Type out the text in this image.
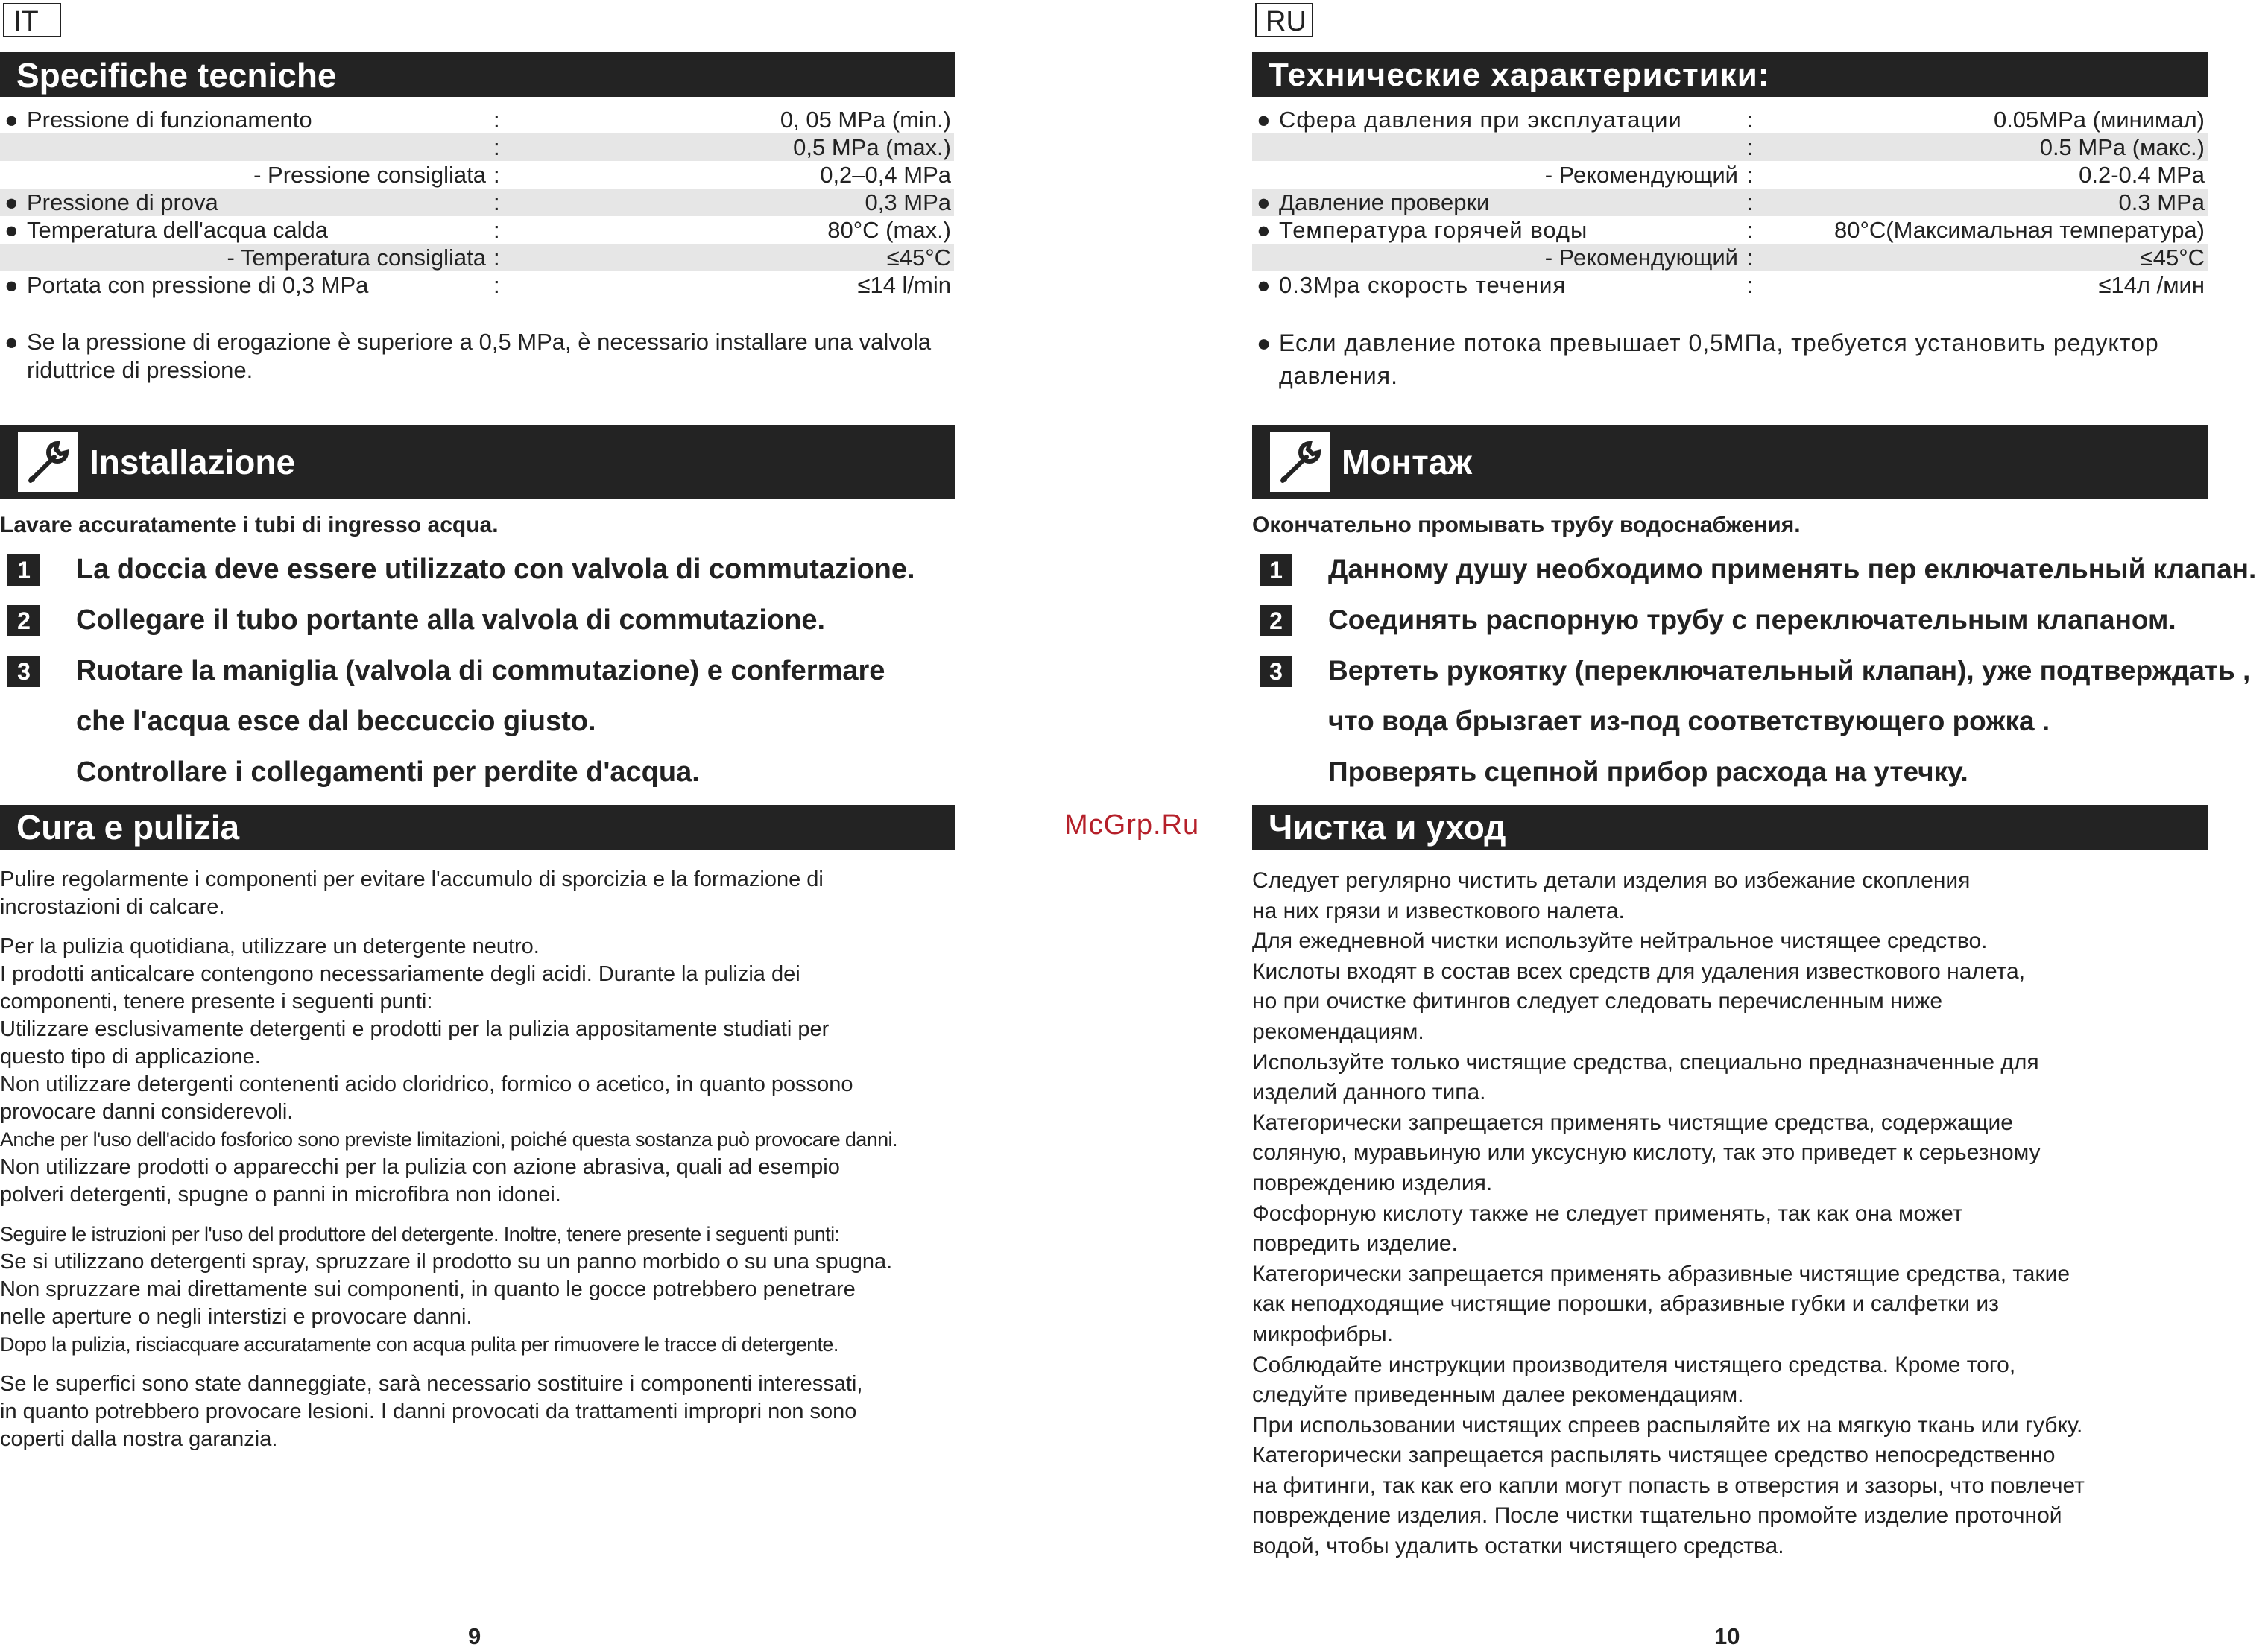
IT
Specifiche tecniche
● Pressione di funzionamento	:	0, 05 MPa (min.)
:	0,5 MPa (max.)
- Pressione consigliata :	0,2–0,4 MPa
● Pressione di prova	:	0,3 MPa
● Temperatura dell'acqua calda	:	80°C (max.)
- Temperatura consigliata :	≤45°C
● Portata con pressione di 0,3 MPa	:	≤14 l/min
● Se la pressione di erogazione è superiore a 0,5 MPa, è necessario installare una valvola riduttrice di pressione.
Installazione
Lavare accuratamente i tubi di ingresso acqua.
1	La doccia deve essere utilizzato con valvola di commutazione.
2	Collegare il tubo portante alla valvola di commutazione.
3	Ruotare la maniglia (valvola di commutazione) e confermare
che l'acqua esce dal beccuccio giusto.
Controllare i collegamenti per perdite d'acqua.
Cura e pulizia

Pulire regolarmente i componenti per evitare l'accumulo di sporcizia e la formazione di

incrostazioni di calcare.

Per la pulizia quotidiana, utilizzare un detergente neutro.

I prodotti anticalcare contengono necessariamente degli acidi. Durante la pulizia dei

componenti, tenere presente i seguenti punti:

Utilizzare esclusivamente detergenti e prodotti per la pulizia appositamente studiati per

questo tipo di applicazione.

Non utilizzare detergenti contenenti acido cloridrico, formico o acetico, in quanto possono

provocare danni considerevoli.

Anche per l'uso dell'acido fosforico sono previste limitazioni, poiché questa sostanza può provocare danni.

Non utilizzare prodotti o apparecchi per la pulizia con azione abrasiva, quali ad esempio

polveri detergenti, spugne o panni in microfibra non idonei.

Seguire le istruzioni per l'uso del produttore del detergente. Inoltre, tenere presente i seguenti punti:

Se si utilizzano detergenti spray, spruzzare il prodotto su un panno morbido o su una spugna.

Non spruzzare mai direttamente sui componenti, in quanto le gocce potrebbero penetrare

nelle aperture o negli interstizi e provocare danni.

Dopo la pulizia, risciacquare accuratamente con acqua pulita per rimuovere le tracce di detergente.

Se le superfici sono state danneggiate, sarà necessario sostituire i componenti interessati,

in quanto potrebbero provocare lesioni. I danni provocati da trattamenti impropri non sono

coperti dalla nostra garanzia.

9
McGrp.Ru
RU
Технические характеристики:
● Сфера давления при эксплуатации	:	0.05MPa (минимал)
:	0.5 MPa (макс.)
- Рекомендующий :	0.2-0.4 MPa
● Давление проверки	:	0.3 MPa
● Температура горячей воды	:	80°C(Максимальная температура)
- Рекомендующий :	≤45°C
● 0.3Мра скорость течения	:	≤14л /мин
● Если давление потока превышает 0,5МПа, требуется установить редуктор давления.
Монтаж
Окончательно промывать трубу водоснабжения.
1	Данному душу необходимо применять пер еключательный клапан.
2	Соединять распорную трубу с переключательным клапаном.
3	Вертеть рукоятку (переключательный клапан), уже подтверждать ,
что вода брызгает из-под соответствующего рожка .
Проверять сцепной прибор расхода на утечку.
Чистка и уход

Следует регулярно чистить детали изделия во избежание скопления

на них грязи и известкового налета.

Для ежедневной чистки используйте нейтральное чистящее средство.

Кислоты входят в состав всех средств для удаления известкового налета,

но при очистке фитингов следует следовать перечисленным ниже

рекомендациям.

Используйте только чистящие средства, специально предназначенные для

изделий данного типа.

Категорически запрещается применять чистящие средства, содержащие

соляную, муравьиную или уксусную кислоту, так это приведет к серьезному

повреждению изделия.

Фосфорную кислоту также не следует применять, так как она может

повредить изделие.

Категорически запрещается применять абразивные чистящие средства, такие

как неподходящие чистящие порошки, абразивные губки и салфетки из

микрофибры.

Соблюдайте инструкции производителя чистящего средства. Кроме того,

следуйте приведенным далее рекомендациям.

При использовании чистящих спреев распыляйте их на мягкую ткань или губку.

Категорически запрещается распылять чистящее средство непосредственно

на фитинги, так как его капли могут попасть в отверстия и зазоры, что повлечет

повреждение изделия. После чистки тщательно промойте изделие проточной

водой, чтобы удалить остатки чистящего средства.

10
